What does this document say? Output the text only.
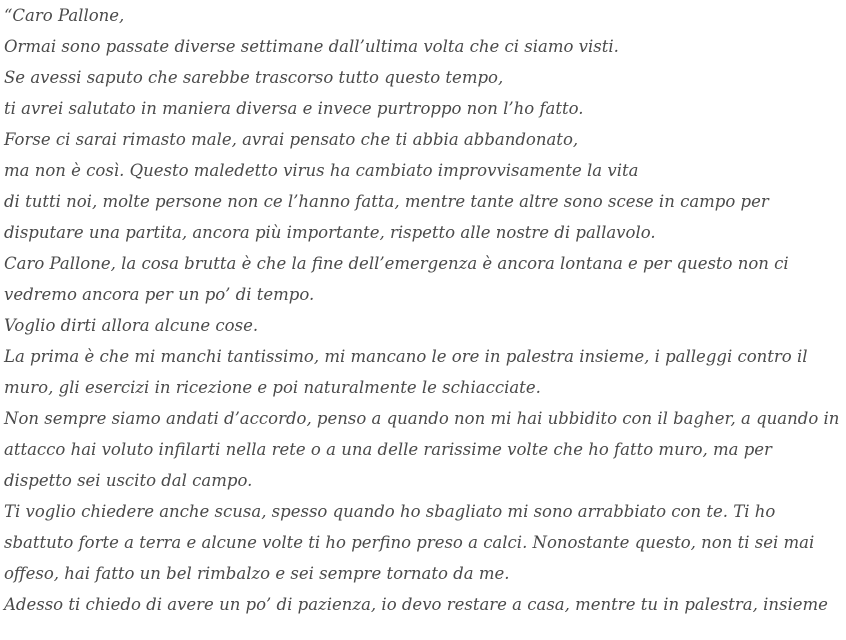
“Caro Pallone,

Ormai sono passate diverse settimane dall’ultima volta che ci siamo visti.

Se avessi saputo che sarebbe trascorso tutto questo tempo,

ti avrei salutato in maniera diversa e invece purtroppo non l’ho fatto.

Forse ci sarai rimasto male, avrai pensato che ti abbia abbandonato,

ma non è così. Questo maledetto virus ha cambiato improvvisamente la vita

di tutti noi, molte persone non ce l’hanno fatta, mentre tante altre sono scese in campo per

disputare una partita, ancora più importante, rispetto alle nostre di pallavolo.

Caro Pallone, la cosa brutta è che la fine dell’emergenza è ancora lontana e per questo non ci

vedremo ancora per un po’ di tempo.

Voglio dirti allora alcune cose.

La prima è che mi manchi tantissimo, mi mancano le ore in palestra insieme, i palleggi contro il

muro, gli esercizi in ricezione e poi naturalmente le schiacciate.

Non sempre siamo andati d’accordo, penso a quando non mi hai ubbidito con il bagher, a quando in

attacco hai voluto infilarti nella rete o a una delle rarissime volte che ho fatto muro, ma per

dispetto sei uscito dal campo.

Ti voglio chiedere anche scusa, spesso quando ho sbagliato mi sono arrabbiato con te. Ti ho

sbattuto forte a terra e alcune volte ti ho perfino preso a calci. Nonostante questo, non ti sei mai

offeso, hai fatto un bel rimbalzo e sei sempre tornato da me.

Adesso ti chiedo di avere un po’ di pazienza, io devo restare a casa, mentre tu in palestra, insieme
